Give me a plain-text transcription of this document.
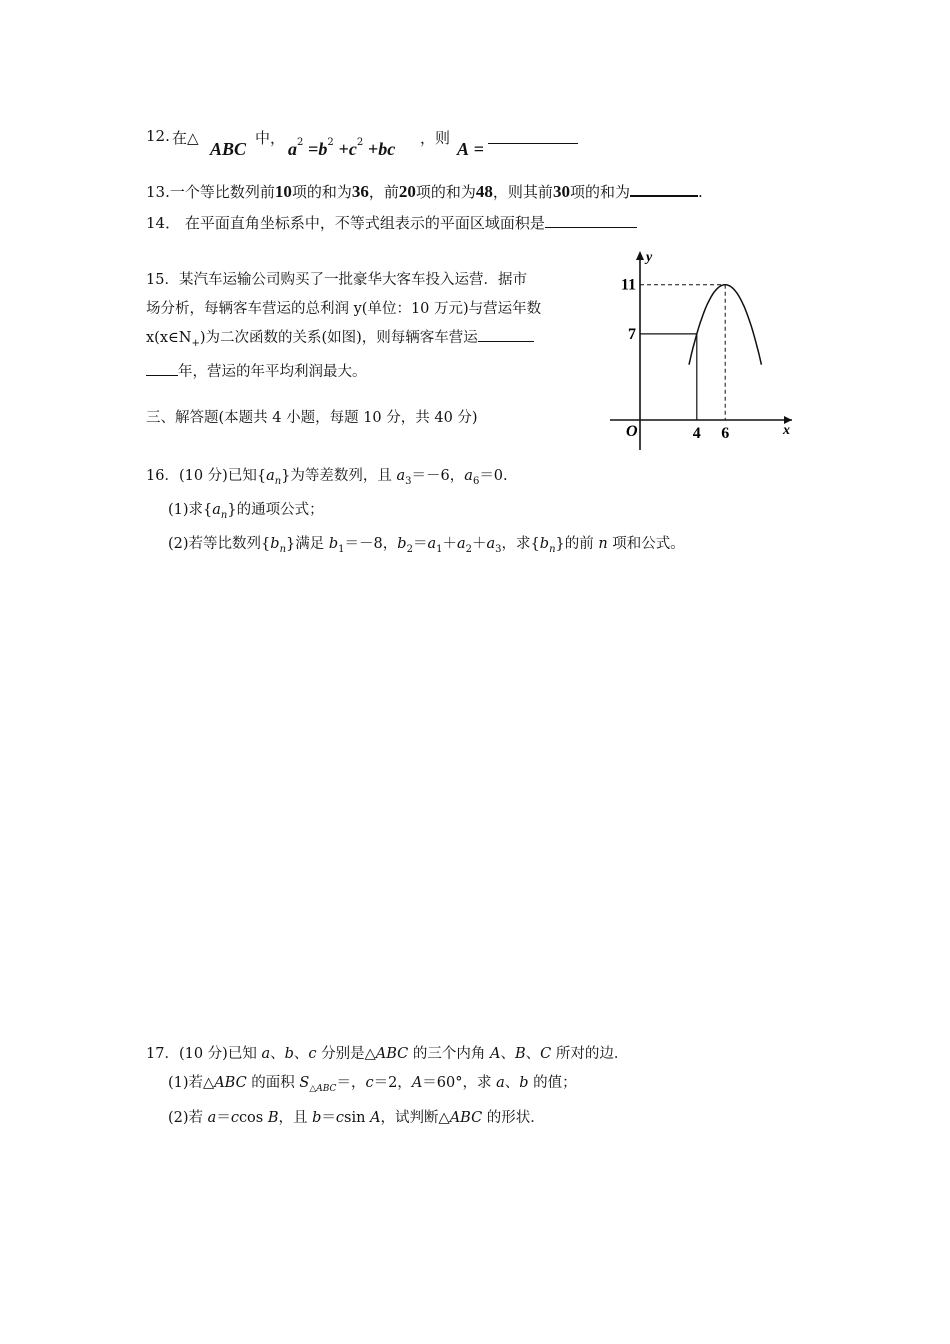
12. 在△
ABC
中，
$a^2 =b^2 +c^2 +bc$
，则
A =
13.一个等比数列前10项的和为36，前20项的和为48，则其前30项的和为	.
14． 在平面直角坐标系中，不等式组表示的平面区域面积是
15．某汽车运输公司购买了一批豪华大客车投入运营．据市
场分析，每辆客车营运的总利润 y(单位：10 万元)与营运年数
$x(x\in N_+)$为二次函数的关系(如图)，则每辆客车营运
年，营运的年平均利润最大。
y
x
O	4 6
7
11
三、解答题(本题共 4 小题，每题 10 分，共 40 分)
16．(10 分)已知$\{a_n\}$为等差数列，且 $a_3=-6$，$a_6=0$.
(1)求$\{a_n\}$的通项公式；
(2)若等比数列$\{b_n\}$满足 $b_1=-8$，$b_2=a_1+a_2+a_3$，求$\{b_n\}$的前 n 项和公式。
17．(10 分)已知 a、b、c 分别是△ABC 的三个内角 A、B、C 所对的边．
(1)若△ABC 的面积 $S_{\triangle ABC}=$，c＝2，A＝60°，求 a、b 的值；
(2)若 a＝ccos B，且 b＝csin A，试判断△ABC 的形状．
